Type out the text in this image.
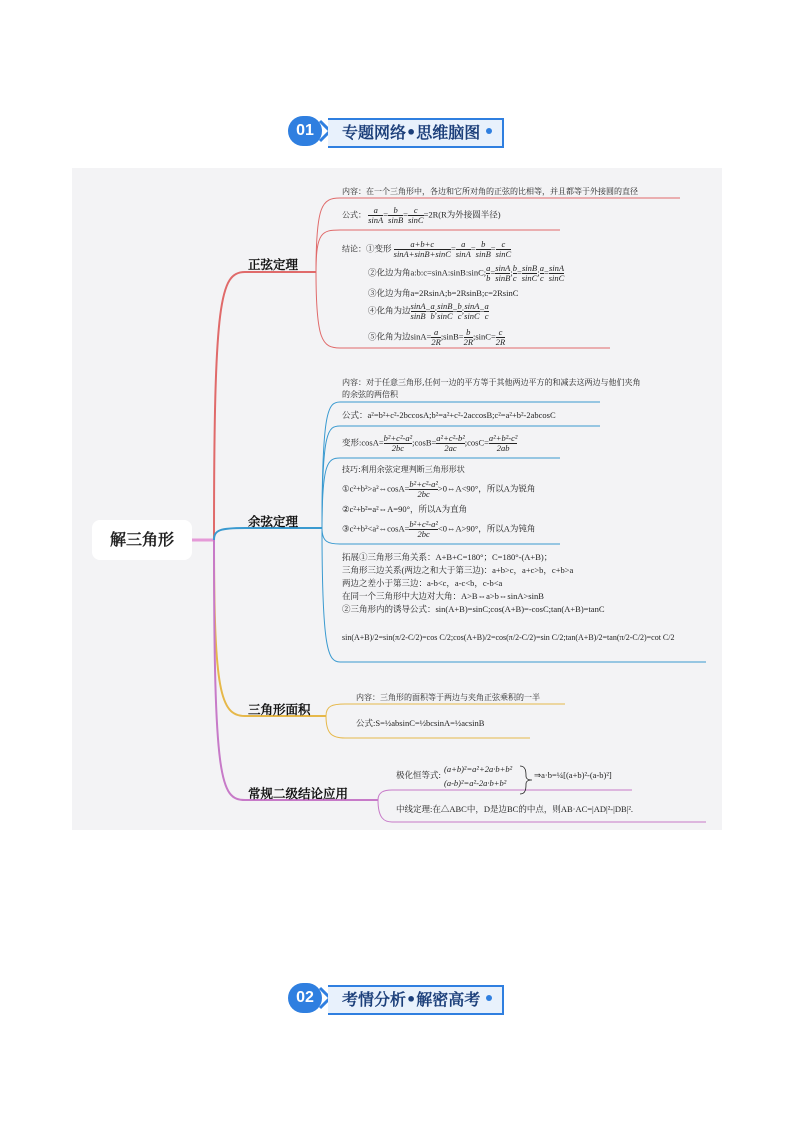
01	专题网络•思维脑图
解三角形
正弦定理
内容：在一个三角形中，各边和它所对角的正弦的比相等，并且都等于外接圆的直径
公式： $\frac{a}{\sin A} = \frac{b}{\sin B} = \frac{c}{\sin C} =2R(R$为外接圆半径)
结论：①变形 $\frac{a+b+c}{\sin A+\sin B+\sin C} = \frac{a}{\sin A} = \frac{b}{\sin B} = \frac{c}{\sin C}$
②化边为角a:b:c=sinA:sinB:sinC; $\frac{a}{b} = \frac{\sin A}{\sin B}$ ; $\frac{b}{c} = \frac{\sin B}{\sin C}$ ; $\frac{a}{c} = \frac{\sin A}{\sin C}$
③化边为角a=2RsinA;b=2RsinB;c=2RsinC
④化角为边 $\frac{\sin A}{\sin B} = \frac{a}{b}$ ; $\frac{\sin B}{\sin C} = \frac{b}{c}$ ; $\frac{\sin A}{\sin C} = \frac{a}{c}$
⑤化角为边$\sin A= \frac{a}{2R}$ ;sinB= $\frac{b}{2R}$ ;sinC= $\frac{c}{2R}$
余弦定理
内容：对于任意三角形,任何一边的平方等于其他两边平方的和减去这两边与他们夹角
的余弦的两倍积
公式：a²=b²+c²-2bccosA;b²=a²+c²-2accosB;c²=a²+b²-2abcosC
变形:cosA= $\frac{\text{b²+c²-a²}}{2bc}$ ;cosB= $\frac{\text{a²+c²-b²}}{2ac}$ ;cosC= $\frac{\text{a²+b²-c²}}{2ab}$
技巧:利用余弦定理判断三角形形状
①c²+b²>a²⇔cosA= $\frac{\text{b²+c²-a²}}{2bc}$ >0⇔A<90°，所以A为锐角
②c²+b²=a²⇔A=90°，所以A为直角
③c²+b²<a²⇔cosA= $\frac{\text{b²+c²-a²}}{2bc}$ <0⇔A>90°，所以A为钝角
拓展①三角形三角关系：A+B+C=180°；C=180°-(A+B)；
三角形三边关系(两边之和大于第三边)：a+b>c，a+c>b，c+b>a
两边之差小于第三边：a-b<c，a-c<b，c-b<a
在同一个三角形中大边对大角：A>B⇔a>b⇔sinA>sinB
②三角形内的诱导公式：sin(A+B)=sinC;cos(A+B)=-cosC;tan(A+B)=tanC
sin(A+B)/2=sin(π/2-C/2)=cos C/2;cos(A+B)/2=cos(π/2-C/2)=sin C/2;tan(A+B)/2=tan(π/2-C/2)=cot C/2
三角形面积
内容：三角形的面积等于两边与夹角正弦乘积的一半
公式:S=½absinC=½bcsinA=½acsinB
常规二级结论应用
极化恒等式:
(a+b)²=a²+2a·b+b²
(a-b)²=a²-2a·b+b²
⇒a·b=¼[(a+b)²-(a-b)²]
中线定理:在△ABC中，D是边BC的中点，则AB·AC=|AD|²-|DB|².
02	考情分析•解密高考
